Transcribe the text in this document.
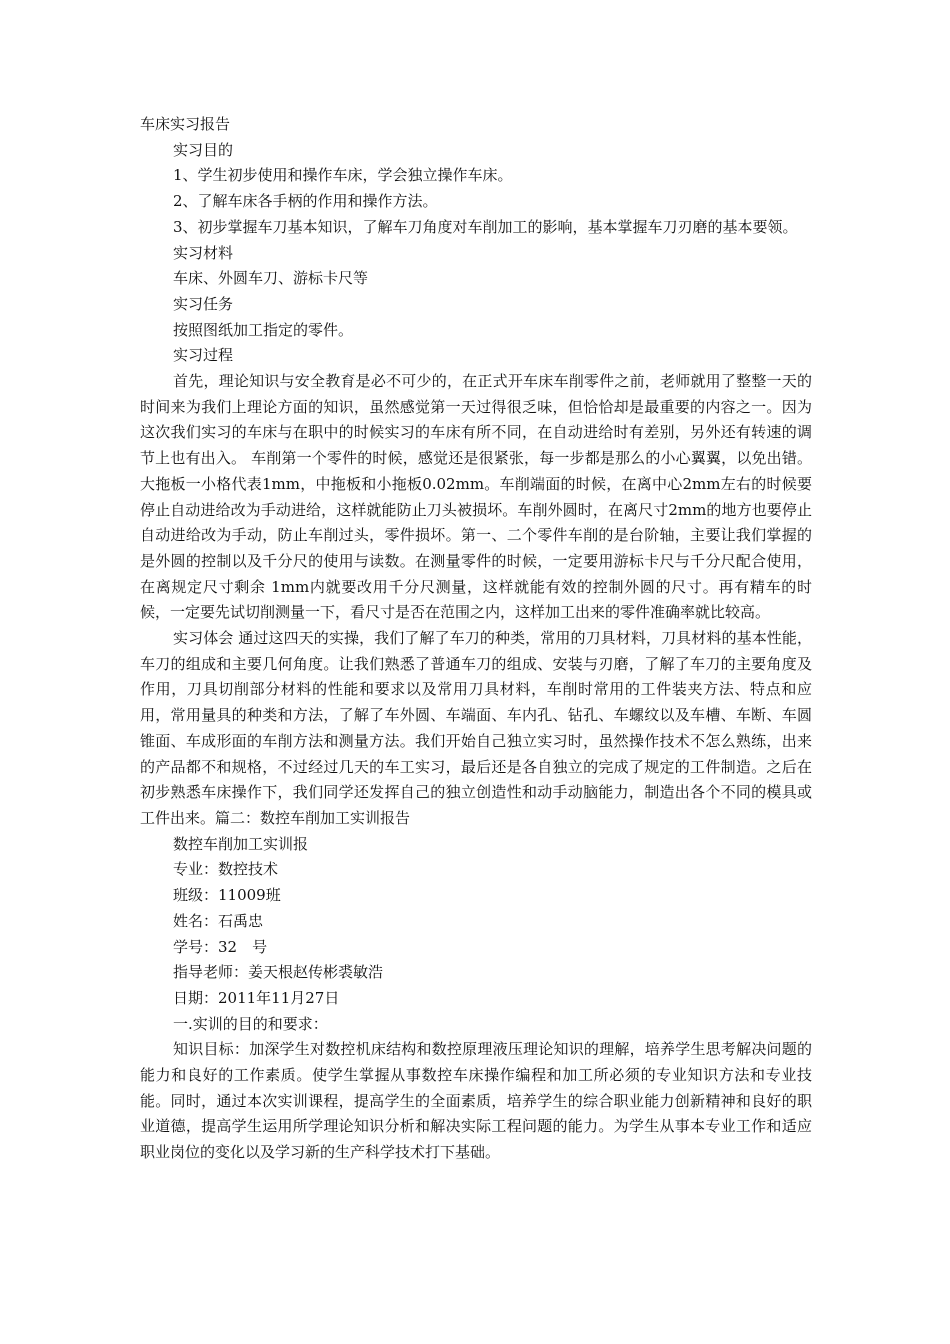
车床实习报告

实习目的

1、学生初步使用和操作车床，学会独立操作车床。

2、了解车床各手柄的作用和操作方法。

3、初步掌握车刀基本知识，了解车刀角度对车削加工的影响，基本掌握车刀刃磨的基本要领。

实习材料

车床、外圆车刀、游标卡尺等

实习任务

按照图纸加工指定的零件。

实习过程

首先，理论知识与安全教育是必不可少的，在正式开车床车削零件之前，老师就用了整整一天的时间来为我们上理论方面的知识，虽然感觉第一天过得很乏味，但恰恰却是最重要的内容之一。因为这次我们实习的车床与在职中的时候实习的车床有所不同，在自动进给时有差别，另外还有转速的调节上也有出入。 车削第一个零件的时候，感觉还是很紧张，每一步都是那么的小心翼翼，以免出错。大拖板一小格代表1mm，中拖板和小拖板0.02mm。车削端面的时候，在离中心2mm左右的时候要停止自动进给改为手动进给，这样就能防止刀头被损坏。车削外圆时，在离尺寸2mm的地方也要停止自动进给改为手动，防止车削过头，零件损坏。第一、二个零件车削的是台阶轴，主要让我们掌握的是外圆的控制以及千分尺的使用与读数。在测量零件的时候，一定要用游标卡尺与千分尺配合使用，在离规定尺寸剩余 1mm内就要改用千分尺测量，这样就能有效的控制外圆的尺寸。再有精车的时候，一定要先试切削测量一下，看尺寸是否在范围之内，这样加工出来的零件准确率就比较高。

实习体会 通过这四天的实操，我们了解了车刀的种类，常用的刀具材料，刀具材料的基本性能，车刀的组成和主要几何角度。让我们熟悉了普通车刀的组成、安装与刃磨，了解了车刀的主要角度及作用，刀具切削部分材料的性能和要求以及常用刀具材料，车削时常用的工件装夹方法、特点和应用，常用量具的种类和方法，了解了车外圆、车端面、车内孔、钻孔、车螺纹以及车槽、车断、车圆锥面、车成形面的车削方法和测量方法。我们开始自己独立实习时，虽然操作技术不怎么熟练，出来的产品都不和规格，不过经过几天的车工实习，最后还是各自独立的完成了规定的工件制造。之后在初步熟悉车床操作下，我们同学还发挥自己的独立创造性和动手动脑能力，制造出各个不同的模具或工件出来。篇二：数控车削加工实训报告

数控车削加工实训报

专业：数控技术

班级：11009班

姓名：石禹忠

学号：32　号

指导老师：姜天根赵传彬裘敏浩

日期：2011年11月27日

一.实训的目的和要求：

知识目标：加深学生对数控机床结构和数控原理液压理论知识的理解，培养学生思考解决问题的能力和良好的工作素质。使学生掌握从事数控车床操作编程和加工所必须的专业知识方法和专业技能。同时，通过本次实训课程，提高学生的全面素质，培养学生的综合职业能力创新精神和良好的职业道德，提高学生运用所学理论知识分析和解决实际工程问题的能力。为学生从事本专业工作和适应职业岗位的变化以及学习新的生产科学技术打下基础。
